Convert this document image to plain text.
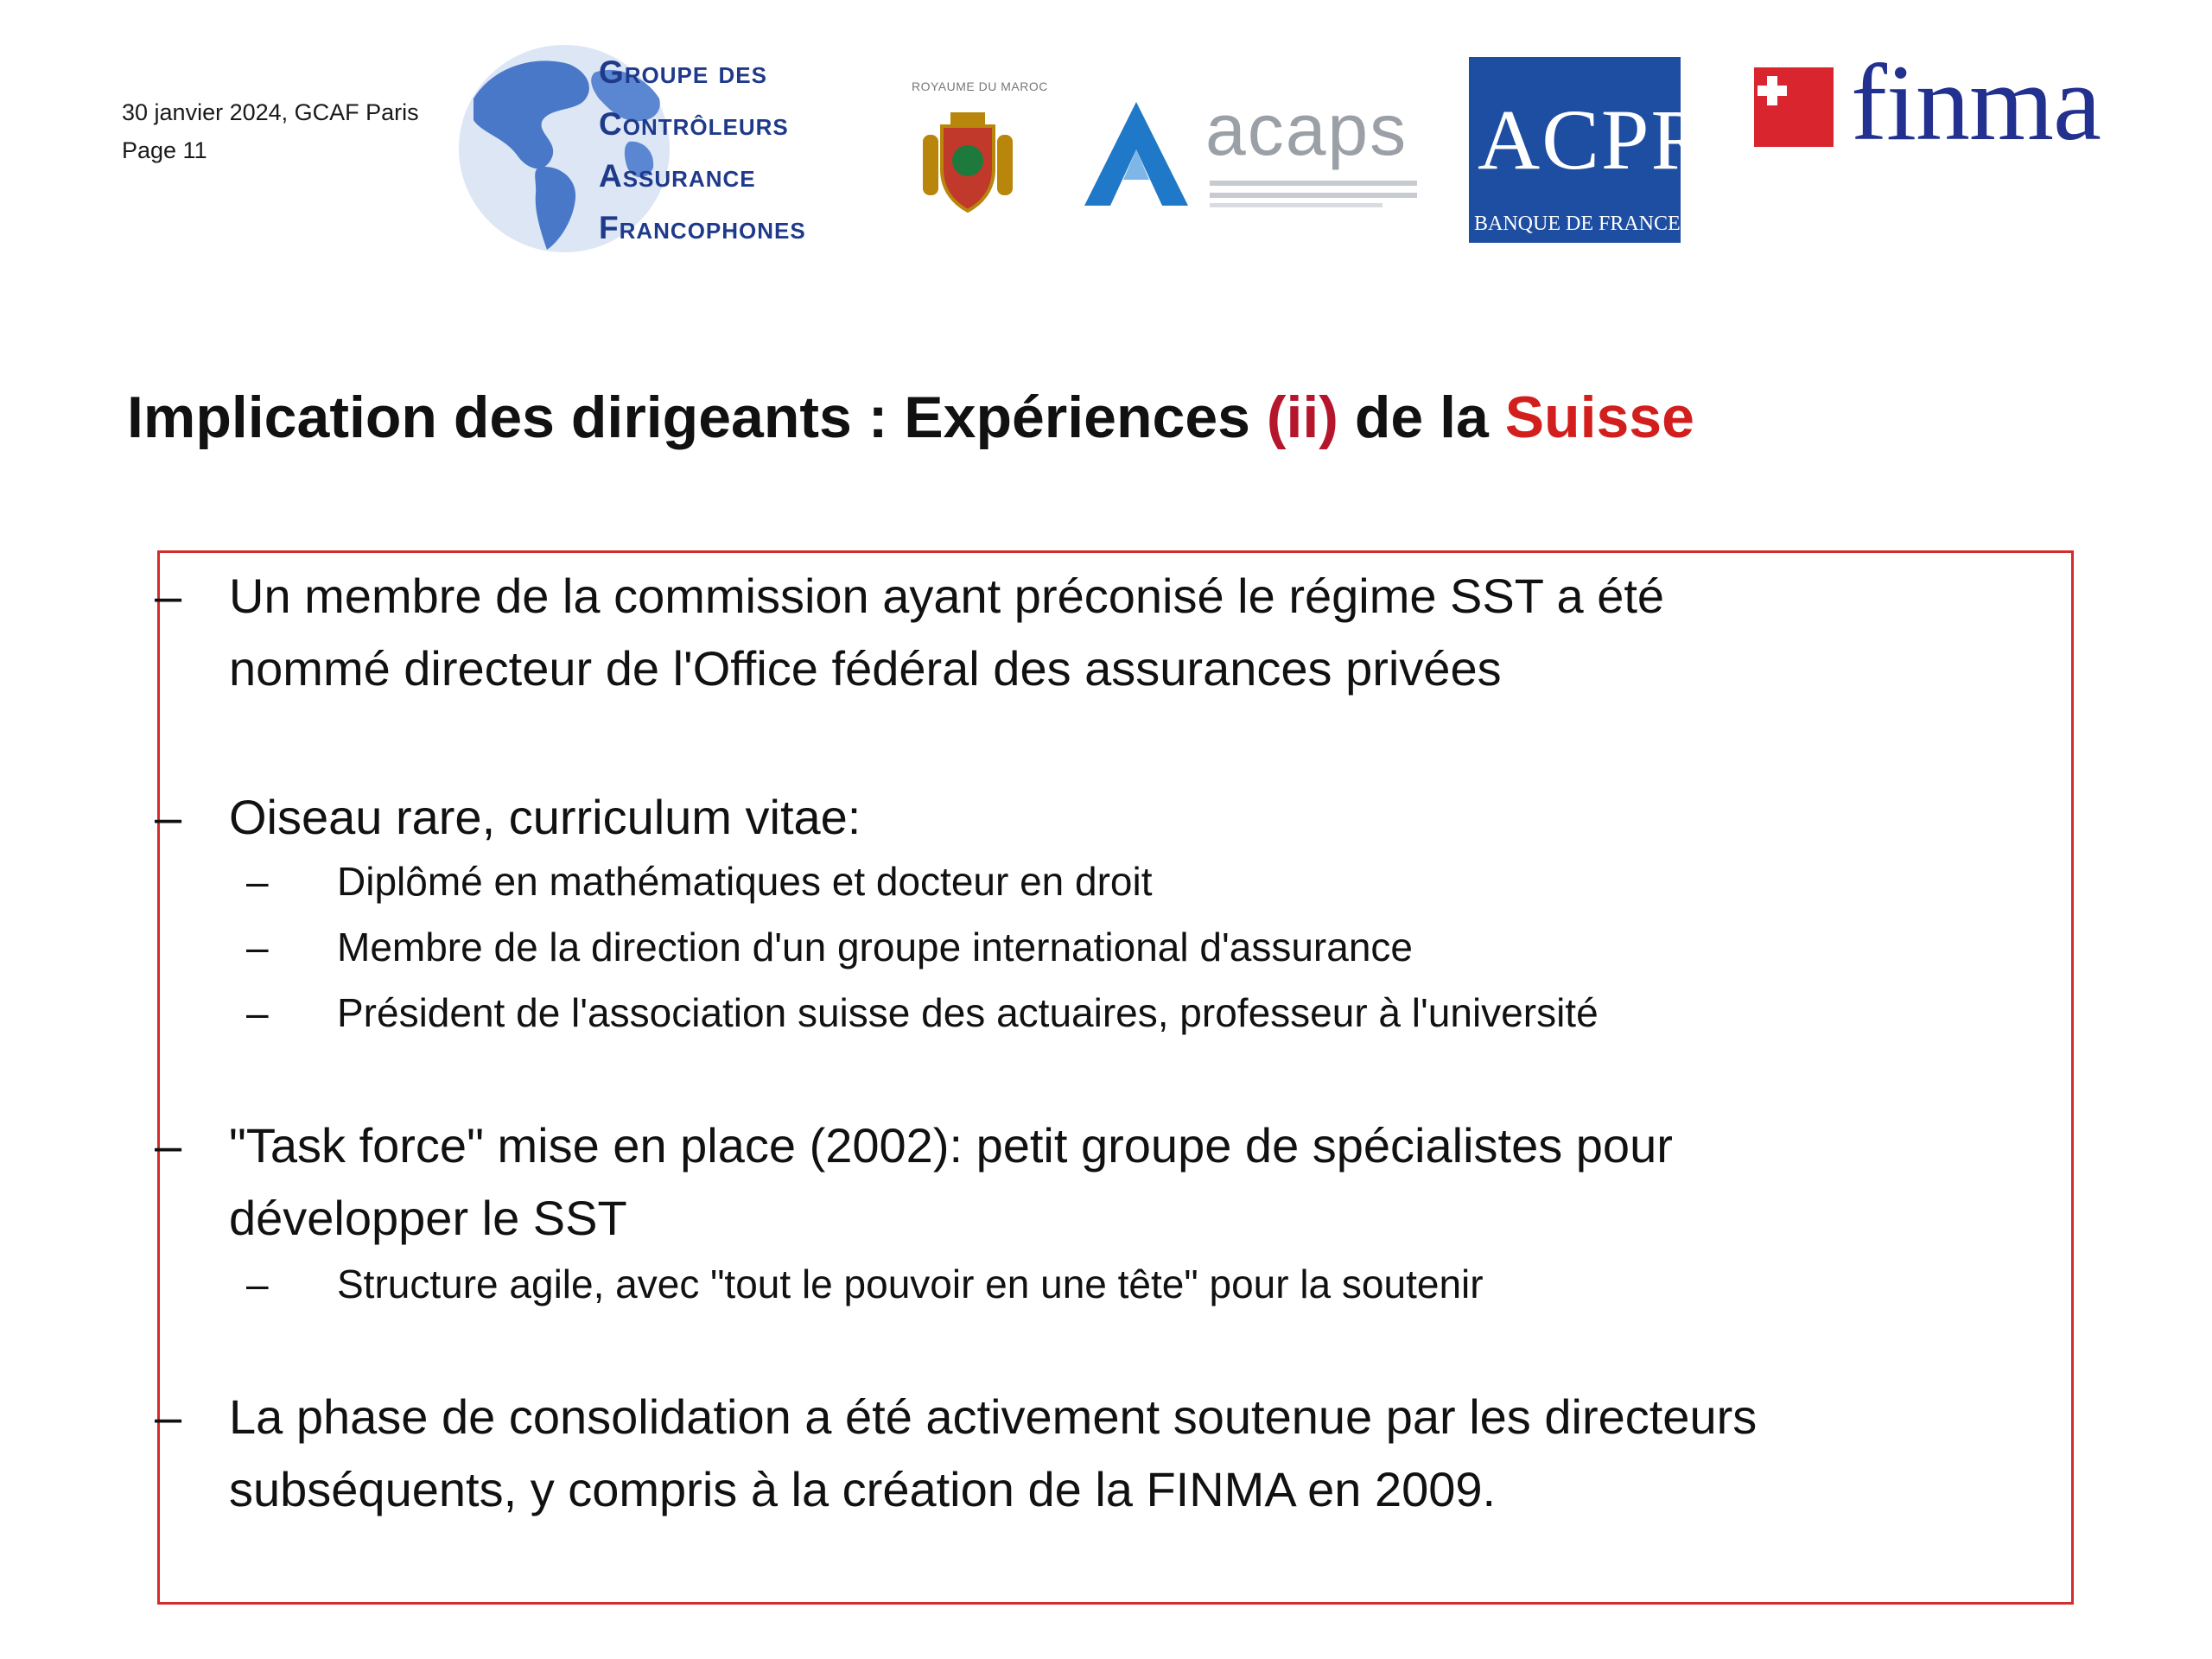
30 janvier 2024, GCAF Paris
Page 11
Groupe des
Contrôleurs
Assurance
Francophones
ROYAUME DU MAROC
acaps ACPR
BANQUE DE FRANCE
finma
Implication des dirigeants : Expériences (ii) de la Suisse
– Un membre de la commission ayant préconisé le régime SST a été
nommé directeur de l'Office fédéral des assurances privées
– Oiseau rare, curriculum vitae:
– Diplômé en mathématiques et docteur en droit
– Membre de la direction d'un groupe international d'assurance
– Président de l'association suisse des actuaires, professeur à l'université
– "Task force" mise en place (2002): petit groupe de spécialistes pour
développer le SST
– Structure agile, avec "tout le pouvoir en une tête" pour la soutenir
– La phase de consolidation a été activement soutenue par les directeurs
subséquents, y compris à la création de la FINMA en 2009.
